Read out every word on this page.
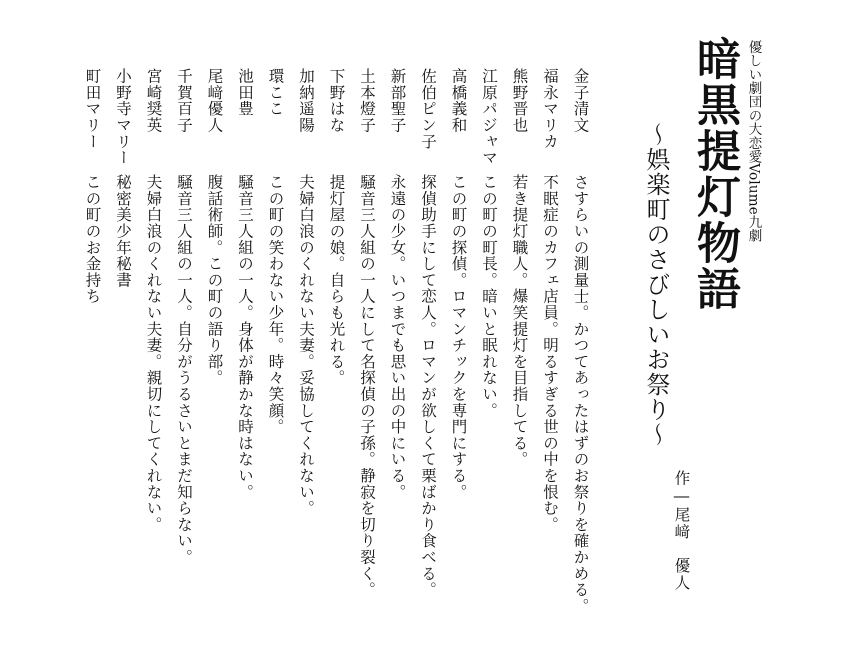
優しい劇団の大恋愛Volume九劇
暗黒提灯物語
〜娯楽町のさびしいお祭り〜
作―尾﨑　優人
金子清文
さすらいの測量士。かつてあったはずのお祭りを確かめる。
福永マリカ
不眠症のカフェ店員。明るすぎる世の中を恨む。
熊野晋也
若き提灯職人。爆笑提灯を目指してる。
江原パジャマ
この町の町長。暗いと眠れない。
高橋義和
この町の探偵。ロマンチックを専門にする。
佐伯ピン子
探偵助手にして恋人。ロマンが欲しくて栗ばかり食べる。
新部聖子
永遠の少女。いつまでも思い出の中にいる。
土本燈子
騒音三人組の一人にして名探偵の子孫。静寂を切り裂く。
下野はな
提灯屋の娘。自らも光れる。
加納遥陽
夫婦白浪のくれない夫妻。妥協してくれない。
環ここ
この町の笑わない少年。時々笑顔。
池田豊
騒音三人組の一人。身体が静かな時はない。
尾﨑優人
腹話術師。この町の語り部。
千賀百子
騒音三人組の一人。自分がうるさいとまだ知らない。
宮崎奨英
夫婦白浪のくれない夫妻。親切にしてくれない。
小野寺マリー
秘密美少年秘書
町田マリー
この町のお金持ち
